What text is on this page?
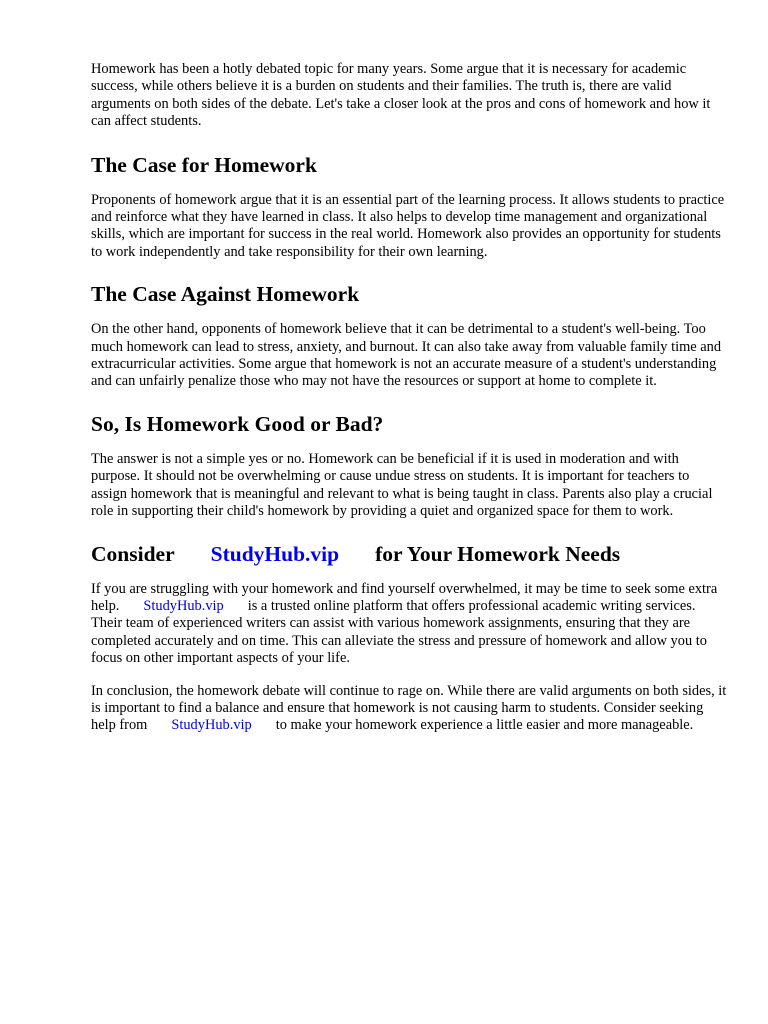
Homework has been a hotly debated topic for many years. Some argue that it is necessary for academic success, while others believe it is a burden on students and their families. The truth is, there are valid arguments on both sides of the debate. Let's take a closer look at the pros and cons of homework and how it can affect students.

The Case for Homework

Proponents of homework argue that it is an essential part of the learning process. It allows students to practice and reinforce what they have learned in class. It also helps to develop time management and organizational skills, which are important for success in the real world. Homework also provides an opportunity for students to work independently and take responsibility for their own learning.

The Case Against Homework

On the other hand, opponents of homework believe that it can be detrimental to a student's well-being. Too much homework can lead to stress, anxiety, and burnout. It can also take away from valuable family time and extracurricular activities. Some argue that homework is not an accurate measure of a student's understanding and can unfairly penalize those who may not have the resources or support at home to complete it.

So, Is Homework Good or Bad?

The answer is not a simple yes or no. Homework can be beneficial if it is used in moderation and with purpose. It should not be overwhelming or cause undue stress on students. It is important for teachers to assign homework that is meaningful and relevant to what is being taught in class. Parents also play a crucial role in supporting their child's homework by providing a quiet and organized space for them to work.

Consider StudyHub.vip for Your Homework Needs

If you are struggling with your homework and find yourself overwhelmed, it may be time to seek some extra help. StudyHub.vip is a trusted online platform that offers professional academic writing services. Their team of experienced writers can assist with various homework assignments, ensuring that they are completed accurately and on time. This can alleviate the stress and pressure of homework and allow you to focus on other important aspects of your life.

In conclusion, the homework debate will continue to rage on. While there are valid arguments on both sides, it is important to find a balance and ensure that homework is not causing harm to students. Consider seeking help from StudyHub.vip to make your homework experience a little easier and more manageable.
